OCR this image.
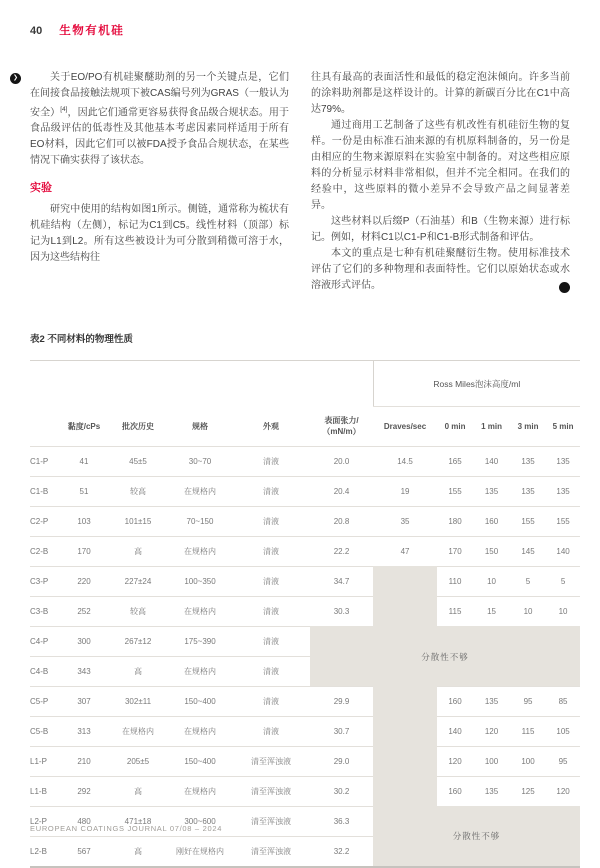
40 生物有机硅
❯	关于EO/PO有机硅聚醚助剂的另一个关键点是，它们在间接食品接触法规项下被CAS编号列为GRAS（一般认为安全）[4]，因此它们通常更容易获得食品级合规状态。用于食品级评估的低毒性及其他基本考虑因素同样适用于所有EO材料，因此它们可以被FDA授予食品合规状态，在某些情况下确实获得了该状态。

实验

研究中使用的结构如图1所示。侧链，通常称为梳状有机硅结构（左侧），标记为C1到C5。线性材料（顶部）标记为L1到L2。所有这些被设计为可分散到稍微可溶于水，因为这些结构往

往具有最高的表面活性和最低的稳定泡沫倾向。许多当前的涂料助剂都是这样设计的。计算的新碳百分比在C1中高达79%。

通过商用工艺制备了这些有机改性有机硅衍生物的复样。一份是由标准石油来源的有机原料制备的，另一份是由相应的生物来源原料在实验室中制备的。对这些相应原料的分析显示材料非常相似，但并不完全相同。在我们的经验中，这些原料的微小差异不会导致产品之间显著差异。

这些材料以后缀P（石油基）和B（生物来源）进行标记。例如，材料C1以C1-P和C1-B形式制备和评估。

本文的重点是七种有机硅聚醚衍生物。使用标准技术评估了它们的多种物理和表面特性。它们以原始状态或水溶液形式评估。	❯

表2 不同材料的物理性质
						Ross Miles泡沫高度/ml				
	黏度/cPs	批次历史	规格	外观	表面张力/（mN/m）	Draves/sec	0 min	1 min	3 min	5 min
C1-P	41	45±5	30~70	清液	20.0	14.5	165	140	135	135
C1-B	51	较高	在规格内	清液	20.4	19	155	135	135	135
C2-P	103	101±15	70~150	清液	20.8	35	180	160	155	155
C2-B	170	高	在规格内	清液	22.2	47	170	150	145	140
C3-P	220	227±24	100~350	清液	34.7		110	10	5	5
C3-B	252	较高	在规格内	清液	30.3		115	15	10	10
C4-P	300	267±12	175~390	清液	分散性不够					
C4-B	343	高	在规格内	清液						
C5-P	307	302±11	150~400	清液	29.9		160	135	95	85
C5-B	313	在规格内	在规格内	清液	30.7		140	120	115	105
L1-P	210	205±5	150~400	清至浑浊液	29.0		120	100	100	95
L1-B	292	高	在规格内	清至浑浊液	30.2		160	135	125	120
L2-P	480	471±18	300~600	清至浑浊液	36.3	分散性不够				
L2-B	567	高	刚好在规格内	清至浑浊液	32.2					
EUROPEAN COATINGS JOURNAL 07/08 – 2024
